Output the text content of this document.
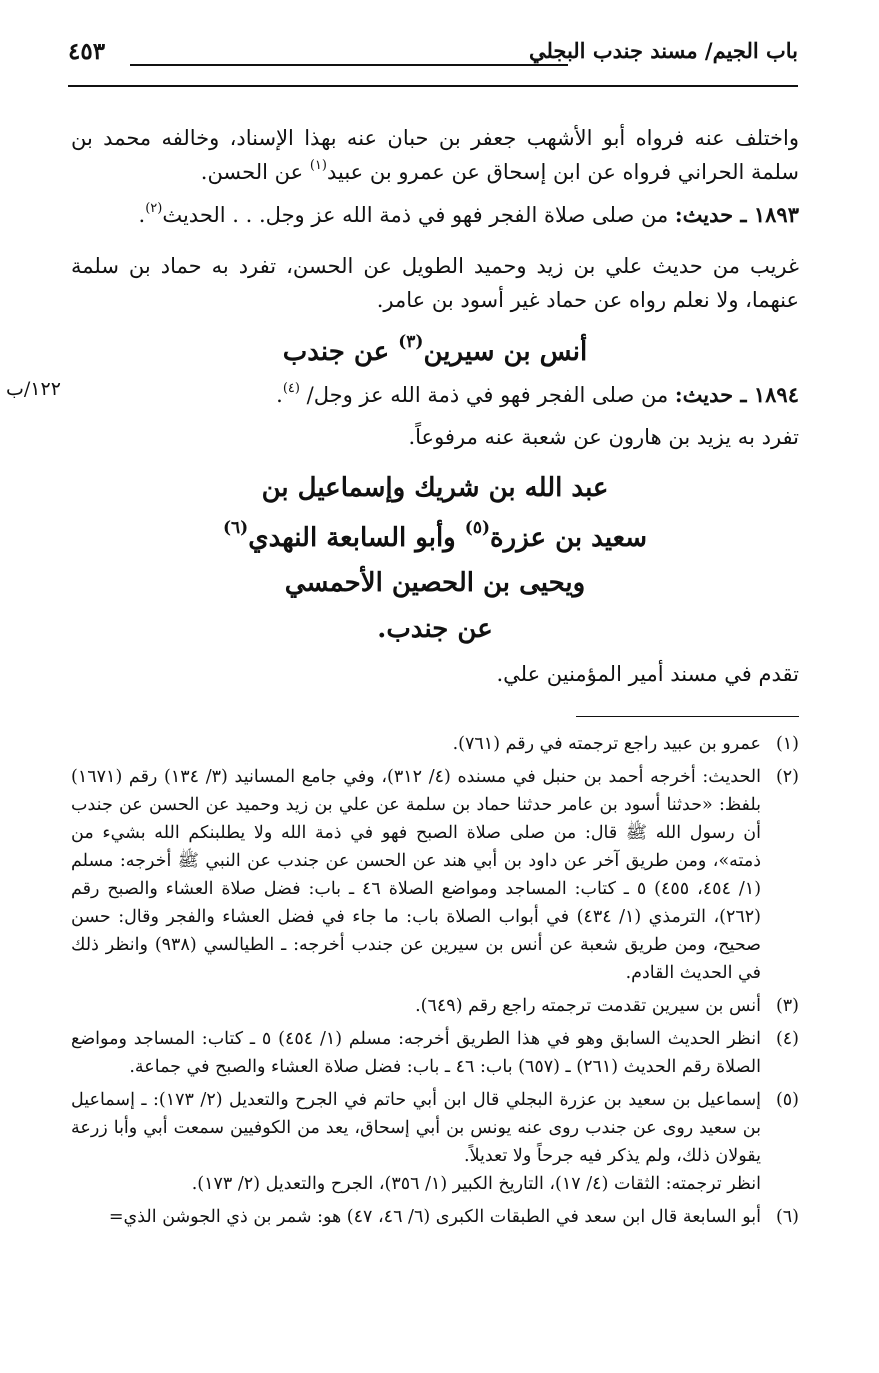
باب الجيم/ مسند جندب البجلي
٤٥٣
١٢٢/ب
واختلف عنه فرواه أبو الأشهب جعفر بن حبان عنه بهذا الإسناد، وخالفه محمد بن سلمة الحراني فرواه عن ابن إسحاق عن عمرو بن عبيد$^{(١)}$ عن الحسن.
١٨٩٣ ـ حديث: من صلى صلاة الفجر فهو في ذمة الله عز وجل. . . الحديث$^{(٢)}$.
غريب من حديث علي بن زيد وحميد الطويل عن الحسن، تفرد به حماد بن سلمة عنهما، ولا نعلم رواه عن حماد غير أسود بن عامر.
أنس بن سيرين$^{(٣)}$ عن جندب
١٨٩٤ ـ حديث: من صلى الفجر فهو في ذمة الله عز وجل/ $^{(٤)}$.
تفرد به يزيد بن هارون عن شعبة عنه مرفوعاً.
عبد الله بن شريك وإسماعيل بن
سعيد بن عزرة$^{(٥)}$ وأبو السابعة النهدي$^{(٦)}$
ويحيى بن الحصين الأحمسي
عن جندب.
تقدم في مسند أمير المؤمنين علي.
(١)
عمرو بن عبيد راجع ترجمته في رقم (٧٦١).
(٢)
الحديث: أخرجه أحمد بن حنبل في مسنده (٤/ ٣١٢)، وفي جامع المسانيد (٣/ ١٣٤) رقم (١٦٧١) بلفظ: «حدثنا أسود بن عامر حدثنا حماد بن سلمة عن علي بن زيد وحميد عن الحسن عن جندب أن رسول الله ﷺ قال: من صلى صلاة الصبح فهو في ذمة الله ولا يطلبنكم الله بشيء من ذمته»، ومن طريق آخر عن داود بن أبي هند عن الحسن عن جندب عن النبي ﷺ أخرجه: مسلم (١/ ٤٥٤، ٤٥٥) ٥ ـ كتاب: المساجد ومواضع الصلاة ٤٦ ـ باب: فضل صلاة العشاء والصبح رقم (٢٦٢)، الترمذي (١/ ٤٣٤) في أبواب الصلاة باب: ما جاء في فضل العشاء والفجر وقال: حسن صحيح، ومن طريق شعبة عن أنس بن سيرين عن جندب أخرجه: ـ الطيالسي (٩٣٨) وانظر ذلك في الحديث القادم.
(٣)
أنس بن سيرين تقدمت ترجمته راجع رقم (٦٤٩).
(٤)
انظر الحديث السابق وهو في هذا الطريق أخرجه: مسلم (١/ ٤٥٤) ٥ ـ كتاب: المساجد ومواضع الصلاة رقم الحديث (٢٦١) ـ (٦٥٧) باب: ٤٦ ـ باب: فضل صلاة العشاء والصبح في جماعة.
(٥)
إسماعيل بن سعيد بن عزرة البجلي قال ابن أبي حاتم في الجرح والتعديل (٢/ ١٧٣): ـ إسماعيل بن سعيد روى عن جندب روى عنه يونس بن أبي إسحاق، يعد من الكوفيين سمعت أبي وأبا زرعة يقولان ذلك، ولم يذكر فيه جرحاً ولا تعديلاً.
انظر ترجمته: الثقات (٤/ ١٧)، التاريخ الكبير (١/ ٣٥٦)، الجرح والتعديل (٢/ ١٧٣).
(٦)
أبو السابعة قال ابن سعد في الطبقات الكبرى (٦/ ٤٦، ٤٧) هو: شمر بن ذي الجوشن الذي=
